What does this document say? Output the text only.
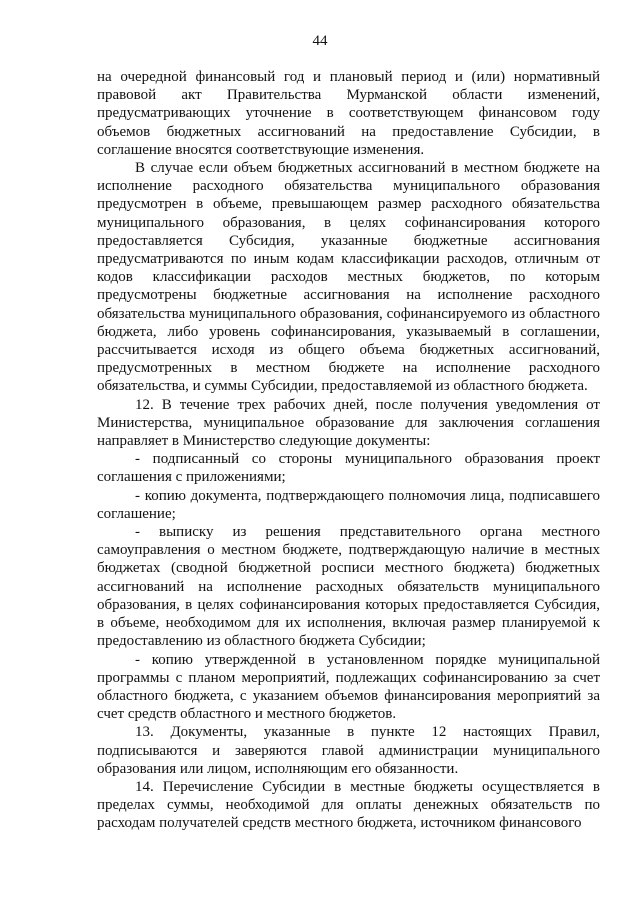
44

на очередной финансовый год и плановый период и (или) нормативный правовой акт Правительства Мурманской области изменений, предусматривающих уточнение в соответствующем финансовом году объемов бюджетных ассигнований на предоставление Субсидии, в соглашение вносятся соответствующие изменения.

В случае если объем бюджетных ассигнований в местном бюджете на исполнение расходного обязательства муниципального образования предусмотрен в объеме, превышающем размер расходного обязательства муниципального образования, в целях софинансирования которого предоставляется Субсидия, указанные бюджетные ассигнования предусматриваются по иным кодам классификации расходов, отличным от кодов классификации расходов местных бюджетов, по которым предусмотрены бюджетные ассигнования на исполнение расходного обязательства муниципального образования, софинансируемого из областного бюджета, либо уровень софинансирования, указываемый в соглашении, рассчитывается исходя из общего объема бюджетных ассигнований, предусмотренных в местном бюджете на исполнение расходного обязательства, и суммы Субсидии, предоставляемой из областного бюджета.

12. В течение трех рабочих дней, после получения уведомления от Министерства, муниципальное образование для заключения соглашения направляет в Министерство следующие документы:

- подписанный со стороны муниципального образования проект соглашения с приложениями;

- копию документа, подтверждающего полномочия лица, подписавшего соглашение;

- выписку из решения представительного органа местного самоуправления о местном бюджете, подтверждающую наличие в местных бюджетах (сводной бюджетной росписи местного бюджета) бюджетных ассигнований на исполнение расходных обязательств муниципального образования, в целях софинансирования которых предоставляется Субсидия, в объеме, необходимом для их исполнения, включая размер планируемой к предоставлению из областного бюджета Субсидии;

- копию утвержденной в установленном порядке муниципальной программы с планом мероприятий, подлежащих софинансированию за счет областного бюджета, с указанием объемов финансирования мероприятий за счет средств областного и местного бюджетов.

13. Документы, указанные в пункте 12 настоящих Правил, подписываются и заверяются главой администрации муниципального образования или лицом, исполняющим его обязанности.

14. Перечисление Субсидии в местные бюджеты осуществляется в пределах суммы, необходимой для оплаты денежных обязательств по расходам получателей средств местного бюджета, источником финансового
